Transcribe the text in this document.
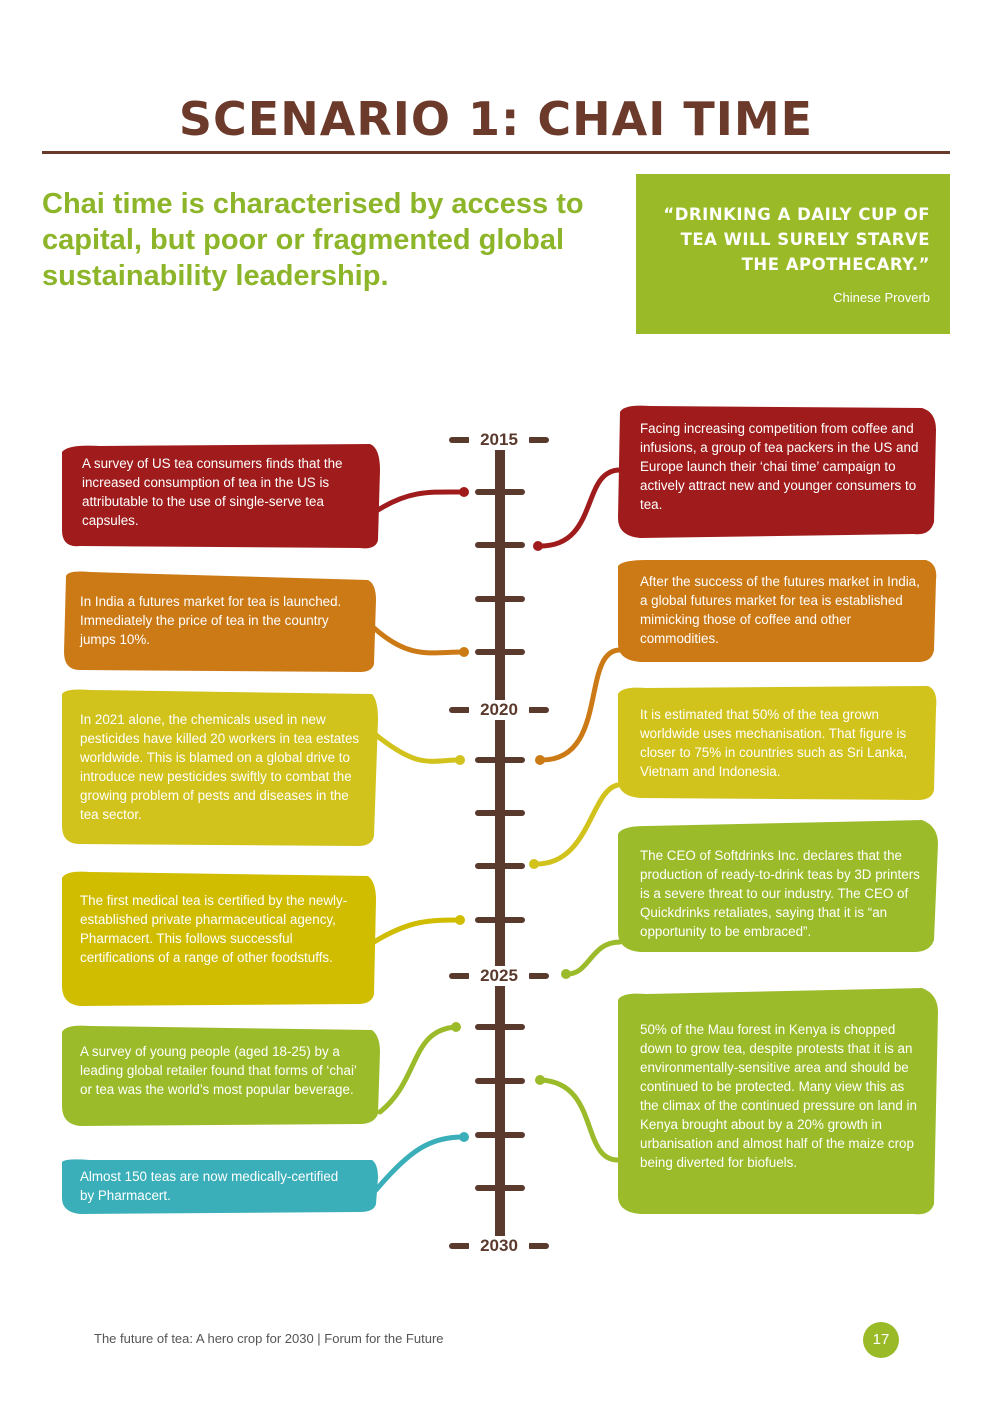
SCENARIO 1: CHAI TIME

Chai time is characterised by access to capital, but poor or fragmented global sustainability leadership.

“DRINKING A DAILY CUP OF TEA WILL SURELY STARVE THE APOTHECARY.”
Chinese Proverb
2015
2020
2025
2030
A survey of US tea consumers finds that the increased consumption of tea in the US is attributable to the use of single-serve tea capsules.
In India a futures market for tea is launched. Immediately the price of tea in the country jumps 10%.
In 2021 alone, the chemicals used in new pesticides have killed 20 workers in tea estates worldwide. This is blamed on a global drive to introduce new pesticides swiftly to combat the growing problem of pests and diseases in the tea sector.
The first medical tea is certified by the newly-established private pharmaceutical agency, Pharmacert. This follows successful certifications of a range of other foodstuffs.
A survey of young people (aged 18-25) by a leading global retailer found that forms of ‘chai’ or tea was the world’s most popular beverage.
Almost 150 teas are now medically-certified by Pharmacert.
Facing increasing competition from coffee and infusions, a group of tea packers in the US and Europe launch their ‘chai time’ campaign to actively attract new and younger consumers to tea.
After the success of the futures market in India, a global futures market for tea is established mimicking those of coffee and other commodities.
It is estimated that 50% of the tea grown worldwide uses mechanisation. That figure is closer to 75% in countries such as Sri Lanka, Vietnam and Indonesia.
The CEO of Softdrinks Inc. declares that the production of ready-to-drink teas by 3D printers is a severe threat to our industry. The CEO of Quickdrinks retaliates, saying that it is “an opportunity to be embraced”.
50% of the Mau forest in Kenya is chopped down to grow tea, despite protests that it is an environmentally-sensitive area and should be continued to be protected. Many view this as the climax of the continued pressure on land in Kenya brought about by a 20% growth in urbanisation and almost half of the maize crop being diverted for biofuels.
The future of tea: A hero crop for 2030 | Forum for the Future	17
